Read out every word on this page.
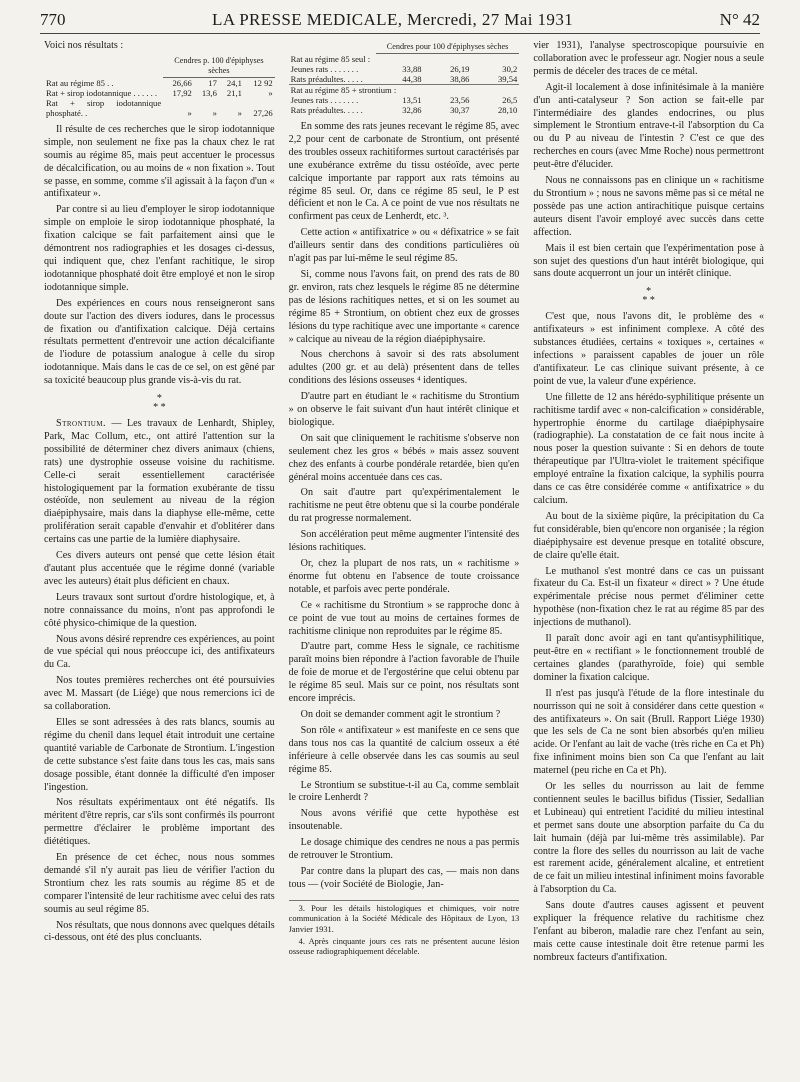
770	LA PRESSE MEDICALE, Mercredi, 27 Mai 1931	N° 42

Voici nos résultats :

	Cendres p. 100 d'épiphyses sèches			
Rat au régime 85 . .	26,66	17	24,1	12 92
Rat + sirop iodotannique . . . . . .	17,92	13,6	21,1	»
Rat + sirop iodotannique phosphaté. .	»	»	»	27,26

Il résulte de ces recherches que le sirop iodotannique simple, non seulement ne fixe pas la chaux chez le rat soumis au régime 85, mais peut accentuer le processus de décalcification, ou au moins de « non fixation ». Tout se passe, en somme, comme s'il agissait à la façon d'un « antifixateur ».

Par contre si au lieu d'employer le sirop iodotannique simple on emploie le sirop iodotannique phosphaté, la fixation calcique se fait parfaitement ainsi que le démontrent nos radiographies et les dosages ci-dessus, qui indiquent que, chez l'enfant rachitique, le sirop iodotannique phosphaté doit être employé et non le sirop iodotannique simple.

Des expériences en cours nous renseigneront sans doute sur l'action des divers iodures, dans le processus de fixation ou d'antifixation calcique. Déjà certains résultats permettent d'entrevoir une action décalcifiante de l'iodure de potassium analogue à celle du sirop iodotannique. Mais dans le cas de ce sel, on est gêné par sa toxicité beaucoup plus grande vis-à-vis du rat.

*
* *

Strontium. — Les travaux de Lenhardt, Shipley, Park, Mac Collum, etc., ont attiré l'attention sur la possibilité de déterminer chez divers animaux (chiens, rats) une dystrophie osseuse voisine du rachitisme. Celle-ci serait essentiellement caractérisée histologiquement par la formation exubérante de tissu ostéoïde, non seulement au niveau de la région diaépiphysaire, mais dans la diaphyse elle-même, cette prolifération serait capable d'envahir et d'oblitérer dans certains cas une partie de la lumière diaphysaire.

Ces divers auteurs ont pensé que cette lésion était d'autant plus accentuée que le régime donné (variable avec les auteurs) était plus déficient en chaux.

Leurs travaux sont surtout d'ordre histologique, et, à notre connaissance du moins, n'ont pas approfondi le côté physico-chimique de la question.

Nous avons désiré reprendre ces expériences, au point de vue spécial qui nous préoccupe ici, des antifixateurs du Ca.

Nos toutes premières recherches ont été poursuivies avec M. Massart (de Liége) que nous remercions ici de sa collaboration.

Elles se sont adressées à des rats blancs, soumis au régime du chenil dans lequel était introduit une certaine quantité variable de Carbonate de Strontium. L'ingestion de cette substance s'est faite dans tous les cas, mais sans dosage possible, étant donnée la difficulté d'en imposer l'ingestion.

Nos résultats expérimentaux ont été négatifs. Ils méritent d'être repris, car s'ils sont confirmés ils pourront permettre d'éclairer le problème important des diététiques.

En présence de cet échec, nous nous sommes demandé s'il n'y aurait pas lieu de vérifier l'action du Strontium chez les rats soumis au régime 85 et de comparer l'intensité de leur rachitisme avec celui des rats soumis au seul régime 85.

Nos résultats, que nous donnons avec quelques détails ci-dessous, ont été des plus concluants.

	Cendres pour 100 d'épiphyses sèches		
Rat au régime 85 seul :			
Jeunes rats . . . . . . .	33,88	26,19	30,2
Rats préadultes. . . . .	44,38	38,86	39,54
Rat au régime 85 + strontium :			
Jeunes rats . . . . . . .	13,51	23,56	26,5
Rats préadultes. . . . .	32,86	30,37	28,10

En somme des rats jeunes recevant le régime 85, avec 2,2 pour cent de carbonate de Strontium, ont présenté des troubles osseux rachitiformes surtout caractérisés par une exubérance extrême du tissu ostéoïde, avec perte calcique importante par rapport aux rats témoins au régime 85 seul. Or, dans ce régime 85 seul, le P est déficient et non le Ca. A ce point de vue nos résultats ne confirment pas ceux de Lenherdt, etc. ³.

Cette action « antifixatrice » ou « défixatrice » se fait d'ailleurs sentir dans des conditions particulières où n'agit pas par lui-même le seul régime 85.

Si, comme nous l'avons fait, on prend des rats de 80 gr. environ, rats chez lesquels le régime 85 ne détermine pas de lésions rachitiques nettes, et si on les soumet au régime 85 + Strontium, on obtient chez eux de grosses lésions du type rachitique avec une importante « carence » calcique au niveau de la région diaépiphysaire.

Nous cherchons à savoir si des rats absolument adultes (200 gr. et au delà) présentent dans de telles conditions des lésions osseuses ⁴ identiques.

D'autre part en étudiant le « rachitisme du Strontium » on observe le fait suivant d'un haut intérêt clinique et biologique.

On sait que cliniquement le rachitisme s'observe non seulement chez les gros « bébés » mais assez souvent chez des enfants à courbe pondérale retardée, bien qu'en général moins accentuée dans ces cas.

On sait d'autre part qu'expérimentalement le rachitisme ne peut être obtenu que si la courbe pondérale du rat progresse normalement.

Son accélération peut même augmenter l'intensité des lésions rachitiques.

Or, chez la plupart de nos rats, un « rachitisme » énorme fut obtenu en l'absence de toute croissance notable, et parfois avec perte pondérale.

Ce « rachitisme du Strontium » se rapproche donc à ce point de vue tout au moins de certaines formes de rachitisme clinique non reproduites par le régime 85.

D'autre part, comme Hess le signale, ce rachitisme paraît moins bien répondre à l'action favorable de l'huile de foie de morue et de l'ergostérine que celui obtenu par le régime 85 seul. Mais sur ce point, nos résultats sont encore imprécis.

On doit se demander comment agit le strontium ?

Son rôle « antifixateur » est manifeste en ce sens que dans tous nos cas la quantité de calcium osseux a été inférieure à celle observée dans les cas soumis au seul régime 85.

Le Strontium se substitue-t-il au Ca, comme semblait le croire Lenherdt ?

Nous avons vérifié que cette hypothèse est insoutenable.

Le dosage chimique des cendres ne nous a pas permis de retrouver le Strontium.

Par contre dans la plupart des cas, — mais non dans tous — (voir Société de Biologie, Jan-

3. Pour les détails histologiques et chimiques, voir notre communication à la Société Médicale des Hôpitaux de Lyon, 13 Janvier 1931.

4. Après cinquante jours ces rats ne présentent aucune lésion osseuse radiographiquement décelable.

vier 1931), l'analyse spectroscopique poursuivie en collaboration avec le professeur agr. Nogier nous a seule permis de déceler des traces de ce métal.

Agit-il localement à dose infinitésimale à la manière d'un anti-catalyseur ? Son action se fait-elle par l'intermédiaire des glandes endocrines, ou plus simplement le Strontium entrave-t-il l'absorption du Ca ou du P au niveau de l'intestin ? C'est ce que des recherches en cours (avec Mme Roche) nous permettront peut-être d'élucider.

Nous ne connaissons pas en clinique un « rachitisme du Strontium » ; nous ne savons même pas si ce métal ne possède pas une action antirachitique puisque certains auteurs disent l'avoir employé avec succès dans cette affection.

Mais il est bien certain que l'expérimentation pose à son sujet des questions d'un haut intérêt biologique, qui sans doute acquerront un jour un intérêt clinique.

*
* *

C'est que, nous l'avons dit, le problème des « antifixateurs » est infiniment complexe. A côté des substances étudiées, certains « toxiques », certaines « infections » paraissent capables de jouer un rôle d'antifixateur. Le cas clinique suivant présente, à ce point de vue, la valeur d'une expérience.

Une fillette de 12 ans hérédo-syphilitique présente un rachitisme tardif avec « non-calcification » considérable, hypertrophie énorme du cartilage diaépiphysaire (radiographie). La constatation de ce fait nous incite à nous poser la question suivante : Si en dehors de toute thérapeutique par l'Ultra-violet le traitement spécifique employé entraîne la fixation calcique, la syphilis pourra dans ce cas être considérée comme « antifixatrice » du calcium.

Au bout de la sixième piqûre, la précipitation du Ca fut considérable, bien qu'encore non organisée ; la région diaépiphysaire est devenue presque en totalité obscure, de claire qu'elle était.

Le muthanol s'est montré dans ce cas un puissant fixateur du Ca. Est-il un fixateur « direct » ? Une étude expérimentale précise nous permet d'éliminer cette hypothèse (non-fixation chez le rat au régime 85 par des injections de muthanol).

Il paraît donc avoir agi en tant qu'antisyphilitique, peut-être en « rectifiant » le fonctionnement troublé de certaines glandes (parathyroïde, foie) qui semble dominer la fixation calcique.

Il n'est pas jusqu'à l'étude de la flore intestinale du nourrisson qui ne soit à considérer dans cette question « des antifixateurs ». On sait (Brull. Rapport Liége 1930) que les sels de Ca ne sont bien absorbés qu'en milieu acide. Or l'enfant au lait de vache (très riche en Ca et Ph) fixe infiniment moins bien son Ca que l'enfant au lait maternel (peu riche en Ca et Ph).

Or les selles du nourrisson au lait de femme contiennent seules le bacillus bifidus (Tissier, Sedallian et Lubineau) qui entretient l'acidité du milieu intestinal et permet sans doute une absorption parfaite du Ca du lait humain (déjà par lui-même très assimilable). Par contre la flore des selles du nourrisson au lait de vache est rarement acide, généralement alcaline, et entretient de ce fait un milieu intestinal infiniment moins favorable à l'absorption du Ca.

Sans doute d'autres causes agissent et peuvent expliquer la fréquence relative du rachitisme chez l'enfant au biberon, maladie rare chez l'enfant au sein, mais cette cause intestinale doit être retenue parmi les nombreux facteurs d'antifixation.
